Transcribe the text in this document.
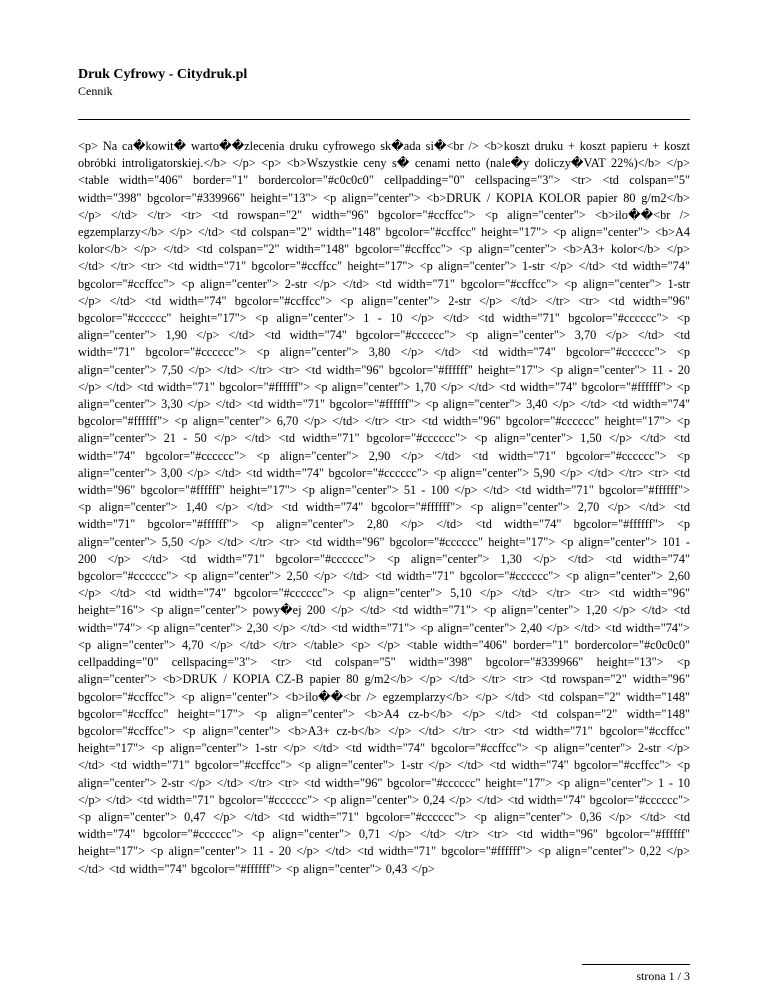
Druk Cyfrowy - Citydruk.pl
Cennik
<p> Na ca�kowit� warto��zlecenia druku cyfrowego sk�ada si�<br /> <b>koszt druku + koszt papieru + koszt obróbki introligatorskiej.</b> </p> <p> <b>Wszystkie ceny s� cenami netto (nale�y doliczy�VAT 22%)</b> </p> <table width="406" border="1" bordercolor="#c0c0c0" cellpadding="0" cellspacing="3"> <tr> <td colspan="5" width="398" bgcolor="#339966" height="13"> <p align="center"> <b>DRUK / KOPIA KOLOR papier 80 g/m2</b> </p> </td> </tr> <tr> <td rowspan="2" width="96" bgcolor="#ccffcc"> <p align="center"> <b>ilo��<br /> egzemplarzy</b> </p> </td> <td colspan="2" width="148" bgcolor="#ccffcc" height="17"> <p align="center"> <b>A4 kolor</b> </p> </td> <td colspan="2" width="148" bgcolor="#ccffcc"> <p align="center"> <b>A3+ kolor</b> </p> </td> </tr> <tr> <td width="71" bgcolor="#ccffcc" height="17"> <p align="center"> 1-str </p> </td> <td width="74" bgcolor="#ccffcc"> <p align="center"> 2-str </p> </td> <td width="71" bgcolor="#ccffcc"> <p align="center"> 1-str </p> </td> <td width="74" bgcolor="#ccffcc"> <p align="center"> 2-str </p> </td> </tr> <tr> <td width="96" bgcolor="#cccccc" height="17"> <p align="center"> 1 - 10 </p> </td> <td width="71" bgcolor="#cccccc"> <p align="center"> 1,90 </p> </td> <td width="74" bgcolor="#cccccc"> <p align="center"> 3,70 </p> </td> <td width="71" bgcolor="#cccccc"> <p align="center"> 3,80 </p> </td> <td width="74" bgcolor="#cccccc"> <p align="center"> 7,50 </p> </td> </tr> <tr> <td width="96" bgcolor="#ffffff" height="17"> <p align="center"> 11 - 20 </p> </td> <td width="71" bgcolor="#ffffff"> <p align="center"> 1,70 </p> </td> <td width="74" bgcolor="#ffffff"> <p align="center"> 3,30 </p> </td> <td width="71" bgcolor="#ffffff"> <p align="center"> 3,40 </p> </td> <td width="74" bgcolor="#ffffff"> <p align="center"> 6,70 </p> </td> </tr> <tr> <td width="96" bgcolor="#cccccc" height="17"> <p align="center"> 21 - 50 </p> </td> <td width="71" bgcolor="#cccccc"> <p align="center"> 1,50 </p> </td> <td width="74" bgcolor="#cccccc"> <p align="center"> 2,90 </p> </td> <td width="71" bgcolor="#cccccc"> <p align="center"> 3,00 </p> </td> <td width="74" bgcolor="#cccccc"> <p align="center"> 5,90 </p> </td> </tr> <tr> <td width="96" bgcolor="#ffffff" height="17"> <p align="center"> 51 - 100 </p> </td> <td width="71" bgcolor="#ffffff"> <p align="center"> 1,40 </p> </td> <td width="74" bgcolor="#ffffff"> <p align="center"> 2,70 </p> </td> <td width="71" bgcolor="#ffffff"> <p align="center"> 2,80 </p> </td> <td width="74" bgcolor="#ffffff"> <p align="center"> 5,50 </p> </td> </tr> <tr> <td width="96" bgcolor="#cccccc" height="17"> <p align="center"> 101 - 200 </p> </td> <td width="71" bgcolor="#cccccc"> <p align="center"> 1,30 </p> </td> <td width="74" bgcolor="#cccccc"> <p align="center"> 2,50 </p> </td> <td width="71" bgcolor="#cccccc"> <p align="center"> 2,60 </p> </td> <td width="74" bgcolor="#cccccc"> <p align="center"> 5,10 </p> </td> </tr> <tr> <td width="96" height="16"> <p align="center"> powy�ej 200 </p> </td> <td width="71"> <p align="center"> 1,20 </p> </td> <td width="74"> <p align="center"> 2,30 </p> </td> <td width="71"> <p align="center"> 2,40 </p> </td> <td width="74"> <p align="center"> 4,70 </p> </td> </tr> </table> <p> </p> <table width="406" border="1" bordercolor="#c0c0c0" cellpadding="0" cellspacing="3"> <tr> <td colspan="5" width="398" bgcolor="#339966" height="13"> <p align="center"> <b>DRUK / KOPIA CZ-B papier 80 g/m2</b> </p> </td> </tr> <tr> <td rowspan="2" width="96" bgcolor="#ccffcc"> <p align="center"> <b>ilo��<br /> egzemplarzy</b> </p> </td> <td colspan="2" width="148" bgcolor="#ccffcc" height="17"> <p align="center"> <b>A4 cz-b</b> </p> </td> <td colspan="2" width="148" bgcolor="#ccffcc"> <p align="center"> <b>A3+ cz-b</b> </p> </td> </tr> <tr> <td width="71" bgcolor="#ccffcc" height="17"> <p align="center"> 1-str </p> </td> <td width="74" bgcolor="#ccffcc"> <p align="center"> 2-str </p> </td> <td width="71" bgcolor="#ccffcc"> <p align="center"> 1-str </p> </td> <td width="74" bgcolor="#ccffcc"> <p align="center"> 2-str </p> </td> </tr> <tr> <td width="96" bgcolor="#cccccc" height="17"> <p align="center"> 1 - 10 </p> </td> <td width="71" bgcolor="#cccccc"> <p align="center"> 0,24 </p> </td> <td width="74" bgcolor="#cccccc"> <p align="center"> 0,47 </p> </td> <td width="71" bgcolor="#cccccc"> <p align="center"> 0,36 </p> </td> <td width="74" bgcolor="#cccccc"> <p align="center"> 0,71 </p> </td> </tr> <tr> <td width="96" bgcolor="#ffffff" height="17"> <p align="center"> 11 - 20 </p> </td> <td width="71" bgcolor="#ffffff"> <p align="center"> 0,22 </p> </td> <td width="74" bgcolor="#ffffff"> <p align="center"> 0,43 </p>
strona 1 / 3
